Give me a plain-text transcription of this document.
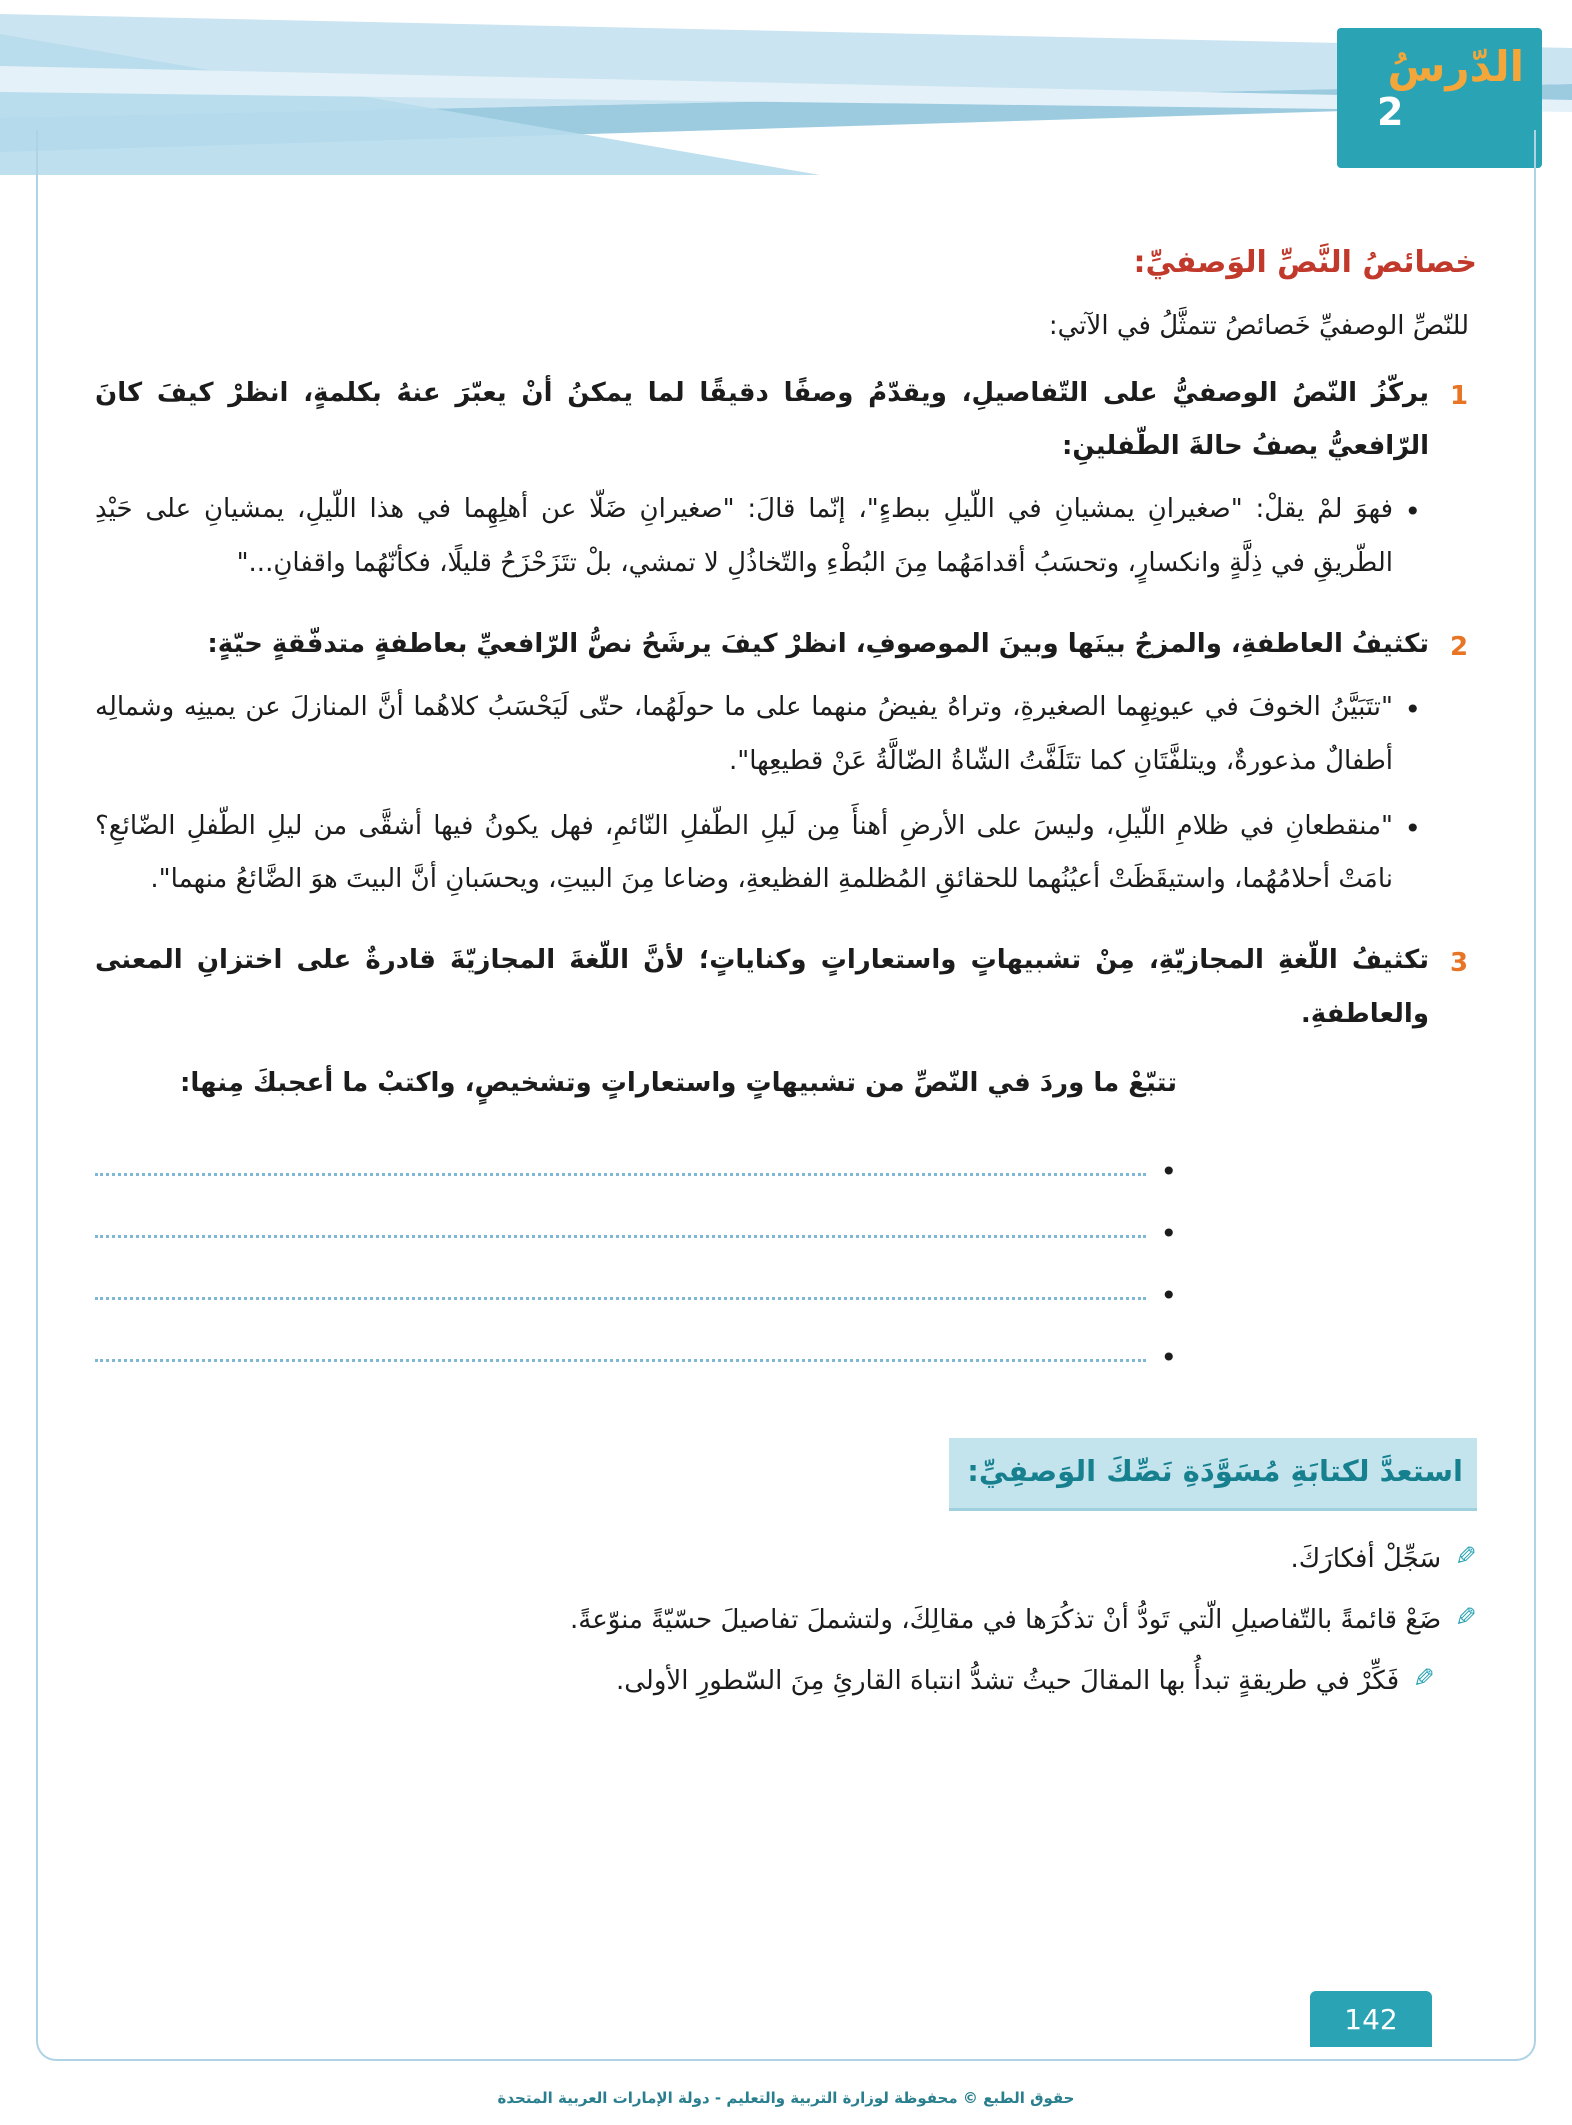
الدّرسُ
2
خصائصُ النَّصِّ الوَصفيِّ:

للنّصِّ الوصفيِّ خَصائصُ تتمثَّلُ في الآتي:

1

يركّزُ النّصُ الوصفيُّ على التّفاصيلِ، ويقدّمُ وصفًا دقيقًا لما يمكنُ أنْ يعبّرَ عنهُ بكلمةٍ، انظرْ كيفَ كانَ الرّافعيُّ يصفُ حالةَ الطّفلينِ:

• فهوَ لمْ يقلْ: "صغيرانِ يمشيانِ في اللّيلِ ببطءٍ"، إنّما قالَ: "صغيرانِ ضَلّا عن أهلِهِما في هذا اللّيلِ، يمشيانِ على حَيْدِ الطّريقِ في ذِلَّةٍ وانكسارٍ، وتحسَبُ أقدامَهُما مِنَ البُطْءِ والتّخاذُلِ لا تمشي، بلْ تتَزَحْزَحُ قليلًا، فكأنّهُما واقفانِ..."
2

تكثيفُ العاطفةِ، والمزجُ بينَها وبينَ الموصوفِ، انظرْ كيفَ يرشَحُ نصُّ الرّافعيِّ بعاطفةٍ متدفّقةٍ حيّةٍ:

• "تتَبَيَّنُ الخوفَ في عيونِهِما الصغيرةِ، وتراهُ يفيضُ منهما على ما حولَهُما، حتّى لَيَحْسَبُ كلاهُما أنَّ المنازلَ عن يمينِه وشمالِه أطفالٌ مذعورةٌ، ويتلفَّتَانِ كما تتَلَفَّتُ الشّاةُ الضّالَّةُ عَنْ قطيعِها".
• "منقطعانِ في ظلامِ اللّيلِ، وليسَ على الأرضِ أهنأَ مِن لَيلِ الطّفلِ النّائمِ، فهل يكونُ فيها أشقَّى من ليلِ الطّفلِ الضّائعِ؟ نامَتْ أحلامُهُما، واستيقَظَتْ أعيُنُهما للحقائقِ المُظلمةِ الفظيعةِ، وضاعا مِنَ البيتِ، ويحسَبانِ أنَّ البيتَ هوَ الضَّائعُ منهما".
3

تكثيفُ اللّغةِ المجازيّةِ، مِنْ تشبيهاتٍ واستعاراتٍ وكناياتٍ؛ لأنَّ اللّغةَ المجازيّةَ قادرةٌ على اختزانِ المعنى والعاطفةِ.

تتبّعْ ما وردَ في النّصِّ من تشبيهاتٍ واستعاراتٍ وتشخيصٍ، واكتبْ ما أعجبكَ مِنها:

•
•
•
•
استعدَّ لكتابَةِ مُسَوَّدَةِ نَصِّكَ الوَصفِيِّ:
✎
سَجِّلْ أفكارَكَ.
✎
ضَعْ قائمةً بالتّفاصيلِ الّتي تَودُّ أنْ تذكُرَها في مقالِكَ، ولتشملَ تفاصيلَ حسّيّةً منوّعةً.
✎
فَكِّرْ في طريقةٍ تبدأُ بها المقالَ حيثُ تشدُّ انتباهَ القارئِ مِنَ السّطورِ الأولى.
142
حقوق الطبع © محفوظة لوزارة التربية والتعليم - دولة الإمارات العربية المتحدة
